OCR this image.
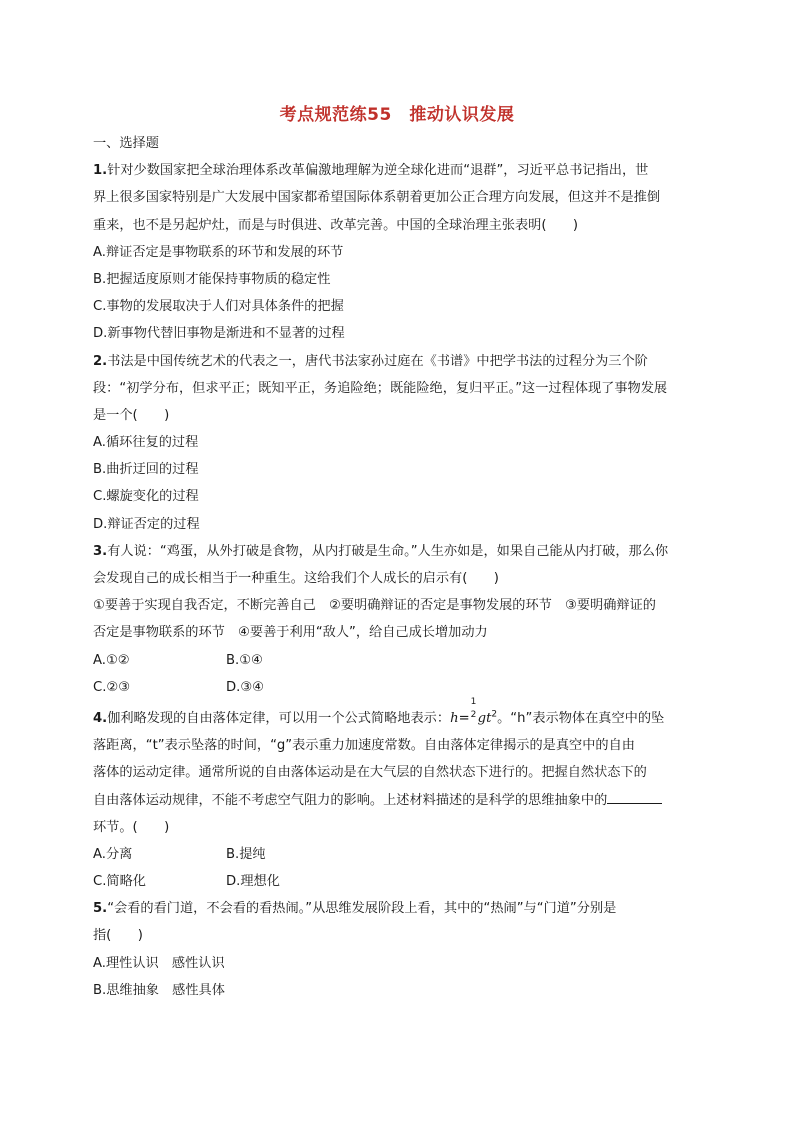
考点规范练55　推动认识发展
一、选择题
1.针对少数国家把全球治理体系改革偏激地理解为逆全球化进而“退群”，习近平总书记指出，世
界上很多国家特别是广大发展中国家都希望国际体系朝着更加公正合理方向发展，但这并不是推倒
重来，也不是另起炉灶，而是与时俱进、改革完善。中国的全球治理主张表明(　　)
A.辩证否定是事物联系的环节和发展的环节
B.把握适度原则才能保持事物质的稳定性
C.事物的发展取决于人们对具体条件的把握
D.新事物代替旧事物是渐进和不显著的过程
2.书法是中国传统艺术的代表之一，唐代书法家孙过庭在《书谱》中把学书法的过程分为三个阶
段：“初学分布，但求平正；既知平正，务追险绝；既能险绝，复归平正。”这一过程体现了事物发展
是一个(　　)
A.循环往复的过程
B.曲折迂回的过程
C.螺旋变化的过程
D.辩证否定的过程
3.有人说：“鸡蛋，从外打破是食物，从内打破是生命。”人生亦如是，如果自己能从内打破，那么你
会发现自己的成长相当于一种重生。这给我们个人成长的启示有(　　)
①要善于实现自我否定，不断完善自己　②要明确辩证的否定是事物发展的环节　③要明确辩证的
否定是事物联系的环节　④要善于利用“敌人”，给自己成长增加动力
A.①②	B.①④
C.②③	D.③④
4.伽利略发现的自由落体定律，可以用一个公式简略地表示：h=
1
2 $gt^2$。“h”表示物体在真空中的坠
落距离，“t”表示坠落的时间，“g”表示重力加速度常数。自由落体定律揭示的是真空中的自由
落体的运动定律。通常所说的自由落体运动是在大气层的自然状态下进行的。把握自然状态下的
自由落体运动规律，不能不考虑空气阻力的影响。上述材料描述的是科学的思维抽象中的
环节。(　　)
A.分离	B.提纯
C.简略化	D.理想化
5.“会看的看门道，不会看的看热闹。”从思维发展阶段上看，其中的“热闹”与“门道”分别是
指(　　)
A.理性认识　感性认识
B.思维抽象　感性具体
